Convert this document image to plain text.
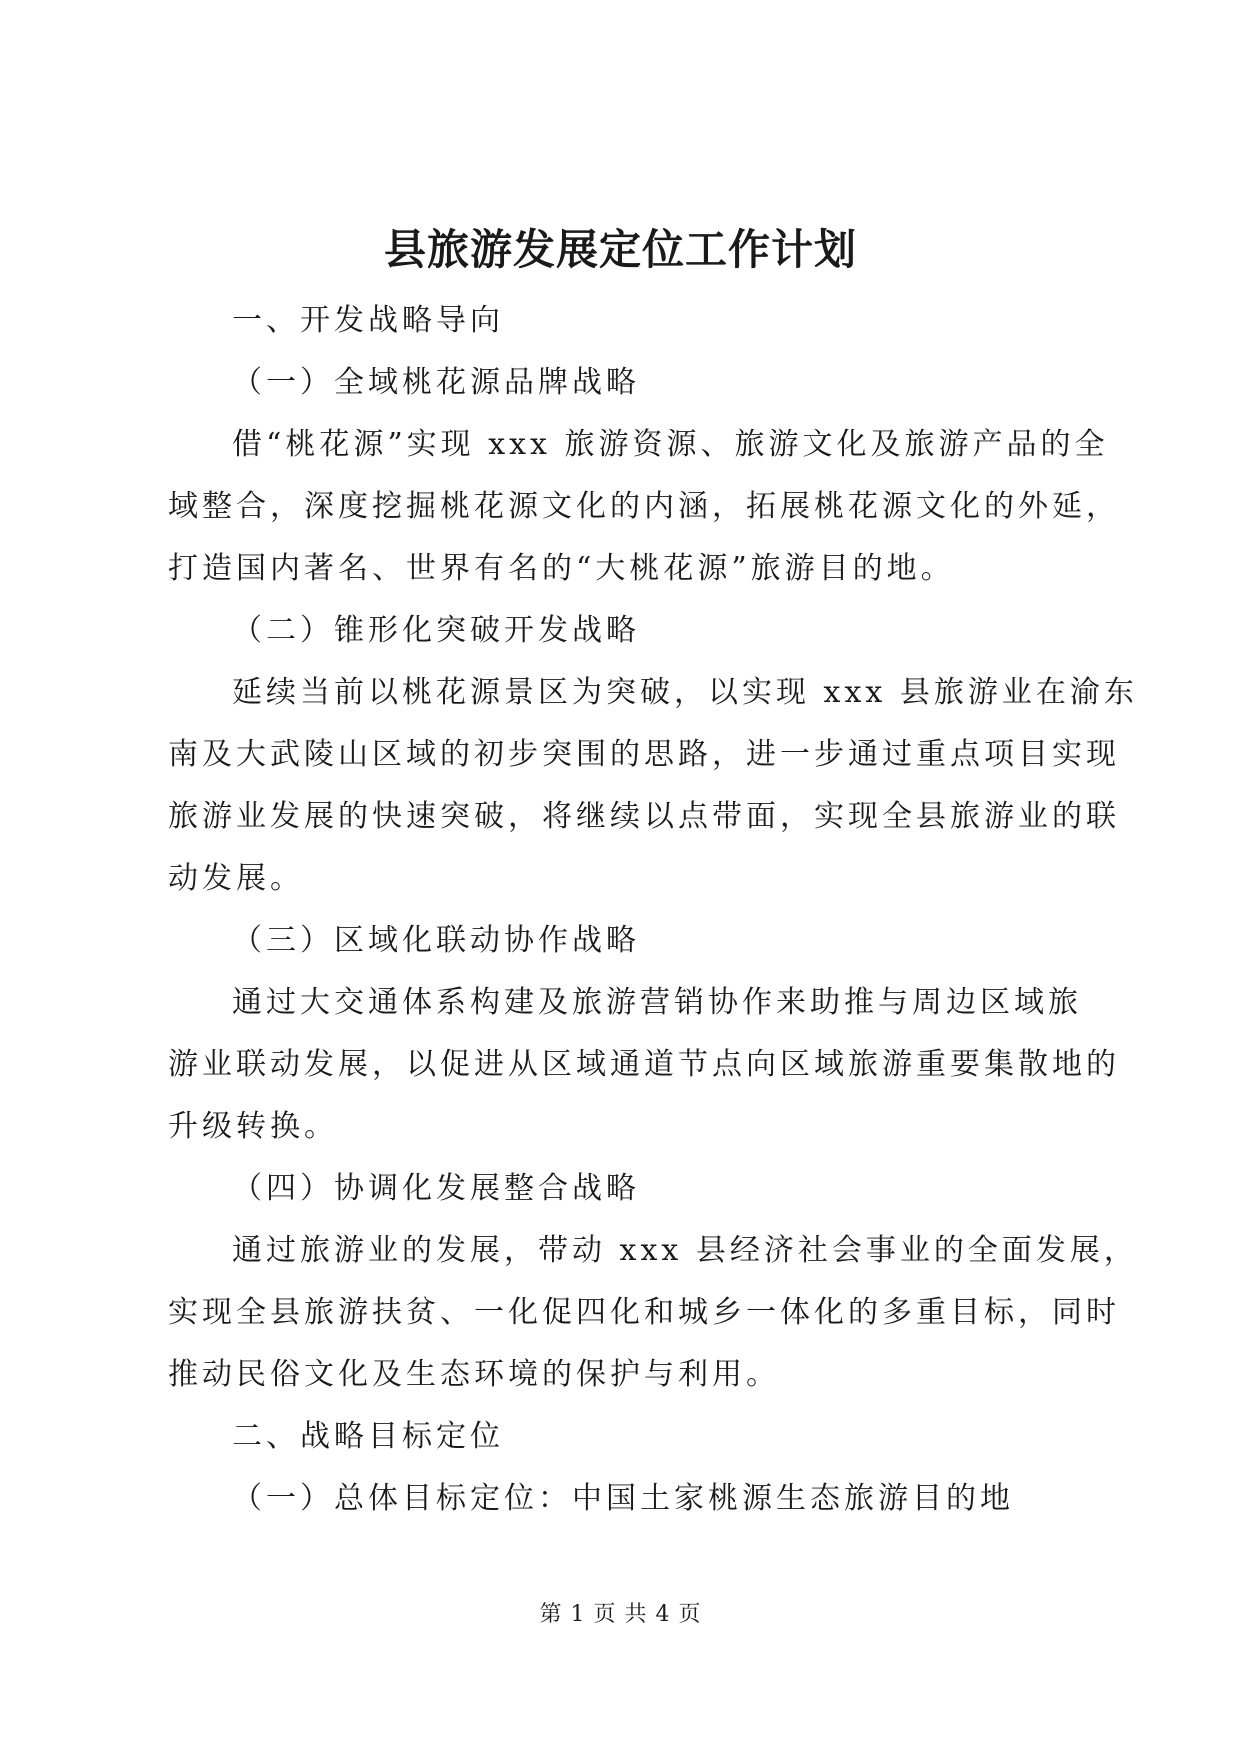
县旅游发展定位工作计划

一、开发战略导向

（一）全域桃花源品牌战略

借“桃花源”实现 xxx 旅游资源、旅游文化及旅游产品的全

域整合，深度挖掘桃花源文化的内涵，拓展桃花源文化的外延，

打造国内著名、世界有名的“大桃花源”旅游目的地。

（二）锥形化突破开发战略

延续当前以桃花源景区为突破，以实现 xxx 县旅游业在渝东

南及大武陵山区域的初步突围的思路，进一步通过重点项目实现

旅游业发展的快速突破，将继续以点带面，实现全县旅游业的联

动发展。

（三）区域化联动协作战略

通过大交通体系构建及旅游营销协作来助推与周边区域旅

游业联动发展，以促进从区域通道节点向区域旅游重要集散地的

升级转换。

（四）协调化发展整合战略

通过旅游业的发展，带动 xxx 县经济社会事业的全面发展，

实现全县旅游扶贫、一化促四化和城乡一体化的多重目标，同时

推动民俗文化及生态环境的保护与利用。

二、战略目标定位

（一）总体目标定位：中国土家桃源生态旅游目的地

第 1 页 共 4 页
